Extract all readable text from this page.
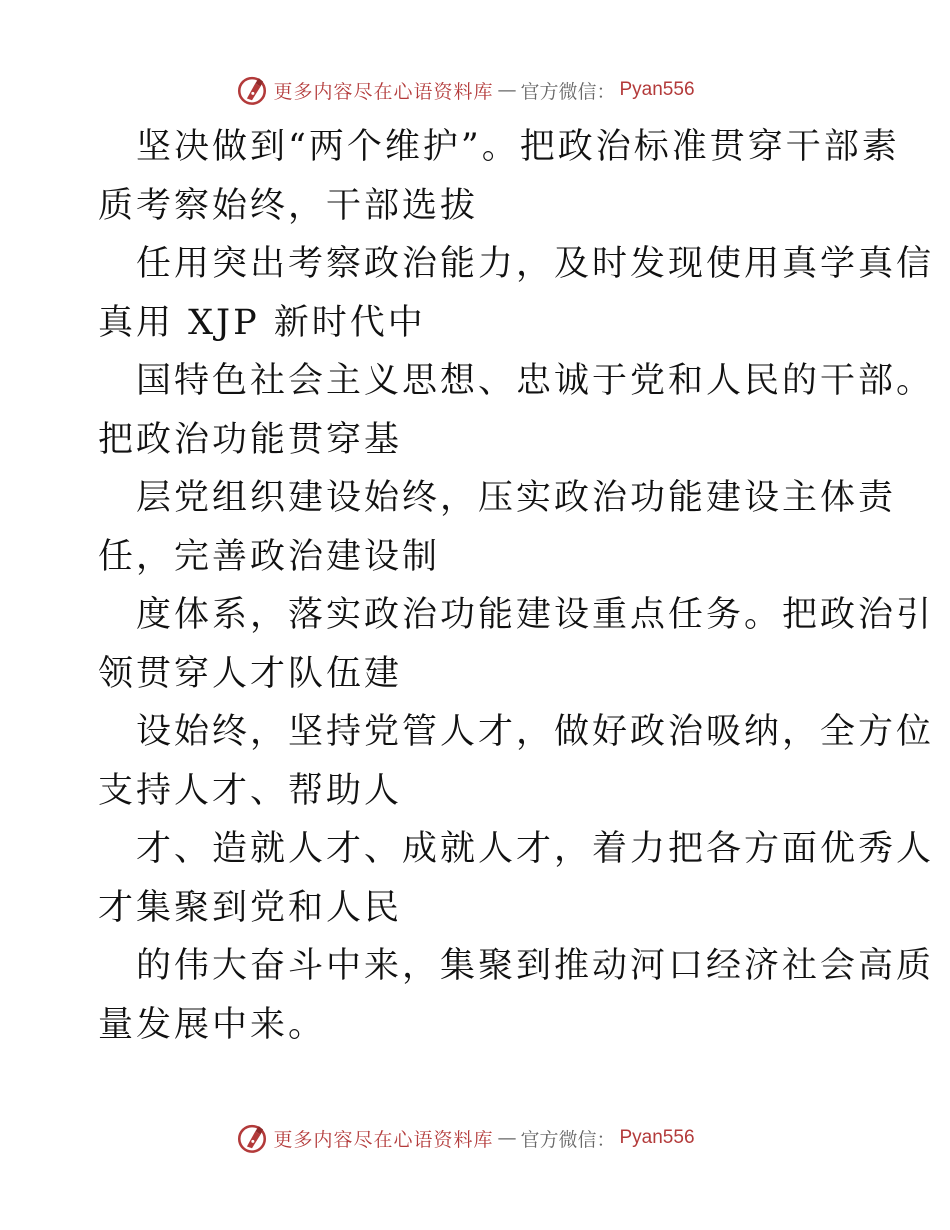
更多内容尽在心语资料库 — 官方微信： Pyan556
坚决做到“两个维护”。把政治标准贯穿干部素
质考察始终，干部选拔
任用突出考察政治能力，及时发现使用真学真信
真用 XJP 新时代中
国特色社会主义思想、忠诚于党和人民的干部。
把政治功能贯穿基
层党组织建设始终，压实政治功能建设主体责
任，完善政治建设制
度体系，落实政治功能建设重点任务。把政治引
领贯穿人才队伍建
设始终，坚持党管人才，做好政治吸纳，全方位
支持人才、帮助人
才、造就人才、成就人才，着力把各方面优秀人
才集聚到党和人民
的伟大奋斗中来，集聚到推动河口经济社会高质
量发展中来。
更多内容尽在心语资料库 — 官方微信： Pyan556
